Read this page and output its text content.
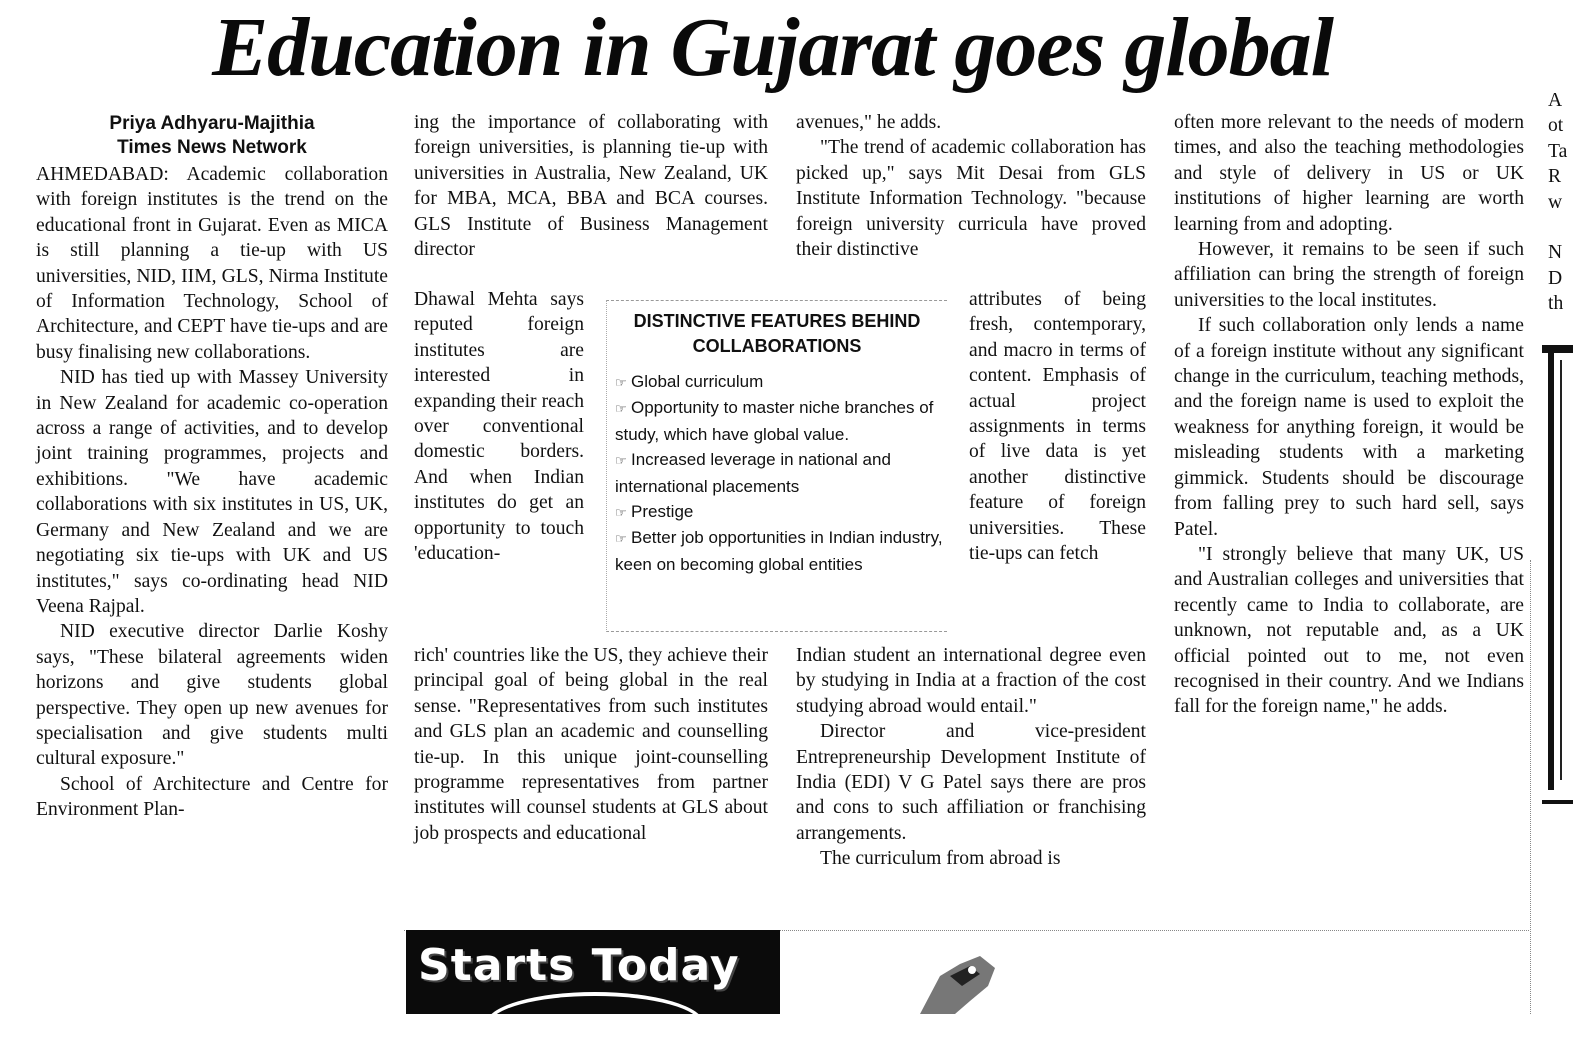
Education in Gujarat goes global
Priya Adhyaru-Majithia
Times News Network

AHMEDABAD: Academic collaboration with foreign institutes is the trend on the educational front in Gujarat. Even as MICA is still planning a tie-up with US universities, NID, IIM, GLS, Nirma Institute of Information Technology, School of Architecture, and CEPT have tie-ups and are busy finalising new collaborations.

NID has tied up with Massey University in New Zealand for academic co-operation across a range of activities, and to develop joint training programmes, projects and exhibitions. "We have academic collaborations with six institutes in US, UK, Germany and New Zealand and we are negotiating six tie-ups with UK and US institutes," says co-ordinating head NID Veena Rajpal.

NID executive director Darlie Koshy says, "These bilateral agreements widen horizons and give students global perspective. They open up new avenues for specialisation and give students multi cultural exposure."

School of Architecture and Centre for Environment Plan-

ing the importance of collaborating with foreign universities, is planning tie-up with universities in Australia, New Zealand, UK for MBA, MCA, BBA and BCA courses. GLS Institute of Business Management director

Dhawal Mehta says reputed foreign institutes are interested in expanding their reach over conventional domestic borders. And when Indian institutes do get an opportunity to touch 'education-

rich' countries like the US, they achieve their principal goal of being global in the real sense. "Representatives from such institutes and GLS plan an academic and counselling tie-up. In this unique joint-counselling programme representatives from partner institutes will counsel students at GLS about job prospects and educational

avenues," he adds.

"The trend of academic collaboration has picked up," says Mit Desai from GLS Institute Information Technology. "because foreign university curricula have proved their distinctive

attributes of being fresh, contemporary, and macro in terms of content. Emphasis of actual project assignments in terms of live data is yet another distinctive feature of foreign universities. These tie-ups can fetch

Indian student an international degree even by studying in India at a fraction of the cost studying abroad would entail."

Director and vice-president Entrepreneurship Development Institute of India (EDI) V G Patel says there are pros and cons to such affiliation or franchising arrangements.

The curriculum from abroad is

often more relevant to the needs of modern times, and also the teaching methodologies and style of delivery in US or UK institutions of higher learning are worth learning from and adopting.

However, it remains to be seen if such affiliation can bring the strength of foreign universities to the local institutes.

If such collaboration only lends a name of a foreign institute without any significant change in the curriculum, teaching methods, and the foreign name is used to exploit the weakness for anything foreign, it would be misleading students with a marketing gimmick. Students should be discourage from falling prey to such hard sell, says Patel.

"I strongly believe that many UK, US and Australian colleges and universities that recently came to India to collaborate, are unknown, not reputable and, as a UK official pointed out to me, not even recognised in their country. And we Indians fall for the foreign name," he adds.

DISTINCTIVE FEATURES BEHIND COLLABORATIONS
☞ Global curriculum
☞ Opportunity to master niche branches of study, which have global value.
☞ Increased leverage in national and international placements
☞ Prestige
☞ Better job opportunities in Indian industry, keen on becoming global entities
A
ot
Ta
R
w

N
D
th
Starts Today
